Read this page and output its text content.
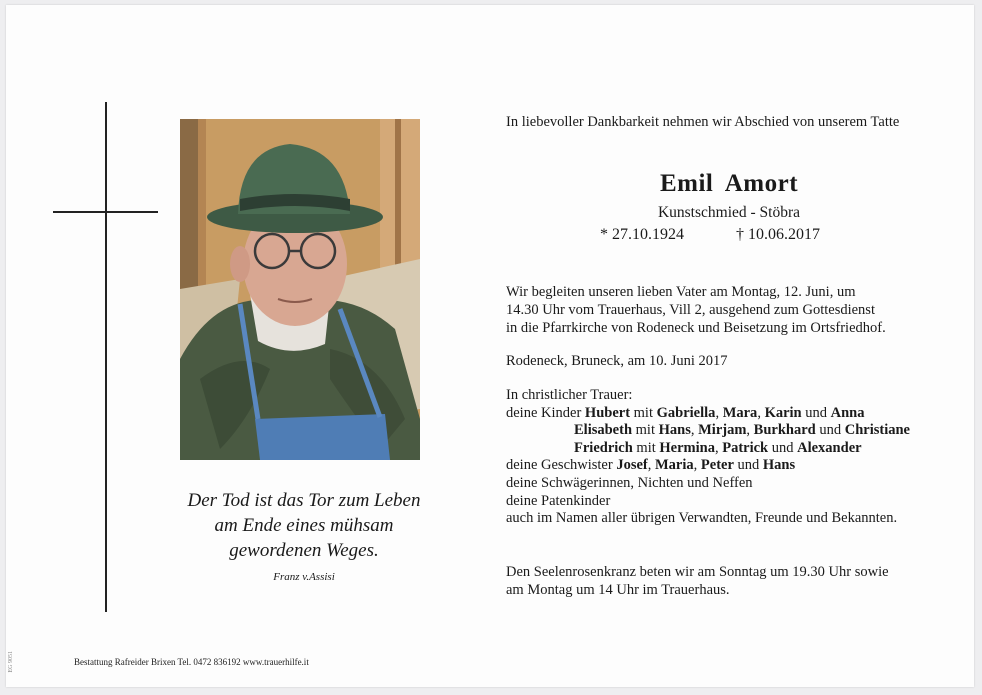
Der Tod ist das Tor zum Leben
am Ende eines mühsam
gewordenen Weges.
Franz v.Assisi
Bestattung Rafreider Brixen Tel. 0472 836192 www.trauerhilfe.it
EG 9051
In liebevoller Dankbarkeit nehmen wir Abschied von unserem Tatte
Emil Amort
Kunstschmied - Stöbra
* 27.10.1924	† 10.06.2017
Wir begleiten unseren lieben Vater am Montag, 12. Juni, um
14.30 Uhr vom Trauerhaus, Vill 2, ausgehend zum Gottesdienst
in die Pfarrkirche von Rodeneck und Beisetzung im Ortsfriedhof.
Rodeneck, Bruneck, am 10. Juni 2017
In christlicher Trauer:
deine Kinder Hubert mit Gabriella, Mara, Karin und Anna
Elisabeth mit Hans, Mirjam, Burkhard und Christiane
Friedrich mit Hermina, Patrick und Alexander
deine Geschwister Josef, Maria, Peter und Hans
deine Schwägerinnen, Nichten und Neffen
deine Patenkinder
auch im Namen aller übrigen Verwandten, Freunde und Bekannten.
Den Seelenrosenkranz beten wir am Sonntag um 19.30 Uhr sowie
am Montag um 14 Uhr im Trauerhaus.
